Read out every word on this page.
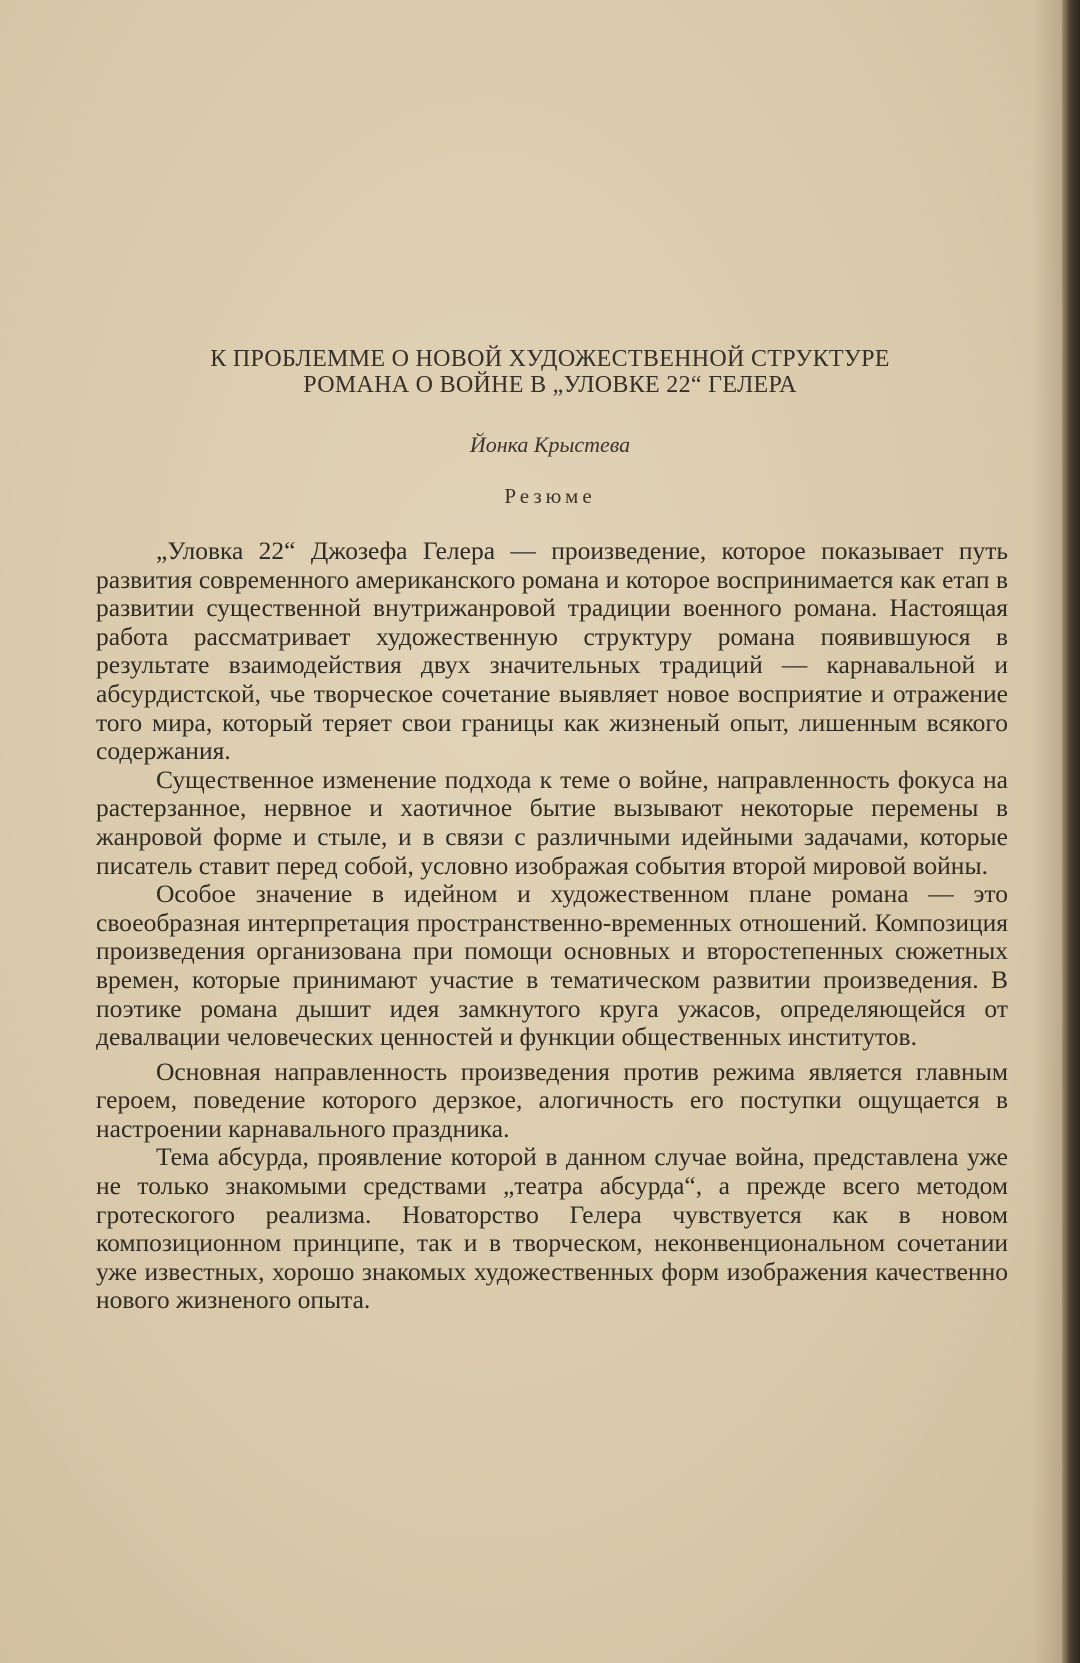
К ПРОБЛЕММЕ О НОВОЙ ХУДОЖЕСТВЕННОЙ СТРУКТУРЕ
РОМАНА О ВОЙНЕ В „УЛОВКЕ 22“ ГЕЛЕРА
Йонка Крыстева
Резюме

„Уловка 22“ Джозефа Гелера — произведение, которое показывает путь развития современного американского романа и которое воспринимается как етап в развитии существенной внутрижанровой традиции военного романа. Настоящая работа рассматривает художественную структуру романа появившуюся в результате взаимодействия двух значительных традиций — карнавальной и абсурдистской, чье творческое сочетание выявляет новое восприятие и отражение того мира, который теряет свои границы как жизненый опыт, лишенным всякого содержания.

Существенное изменение подхода к теме о войне, направленность фокуса на растерзанное, нервное и хаотичное бытие вызывают некоторые перемены в жанровой форме и стыле, и в связи с различными идейными задачами, которые писатель ставит перед собой, условно изображая события второй мировой войны.

Особое значение в идейном и художественном плане романа — это своеобразная интерпретация пространственно-временных отношений. Композиция произведения организована при помощи основных и второстепенных сюжетных времен, которые принимают участие в тематическом развитии произведения. В поэтике романа дышит идея замкнутого круга ужасов, определяющейся от девалвации человеческих ценностей и функции общественных институтов.

Основная направленность произведения против режима является главным героем, поведение которого дерзкое, алогичность его поступки ощущается в настроении карнавального праздника.

Тема абсурда, проявление которой в данном случае война, представлена уже не только знакомыми средствами „театра абсурда“, а прежде всего методом гротескогого реализма. Новаторство Гелера чувствуется как в новом композиционном принципе, так и в творческом, неконвенциональном сочетании уже известных, хорошо знакомых художественных форм изображения качественно нового жизненого опыта.
